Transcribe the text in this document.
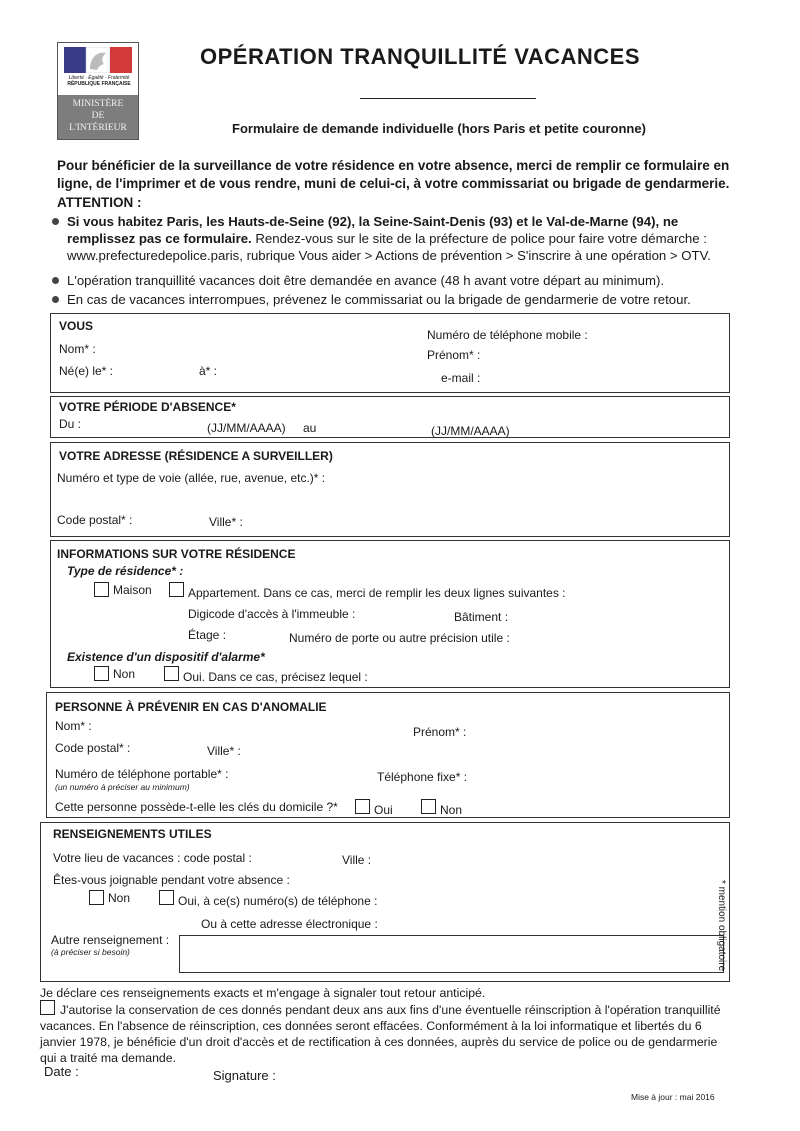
Liberté · Égalité · Fraternité
RÉPUBLIQUE FRANÇAISE
MINISTÈRE
DE
L'INTÉRIEUR
OPÉRATION TRANQUILLITÉ VACANCES
Formulaire de demande individuelle (hors Paris et petite couronne)
Pour bénéficier de la surveillance de votre résidence en votre absence, merci de remplir ce formulaire en ligne, de l'imprimer et de vous rendre, muni de celui-ci, à votre commissariat ou brigade de gendarmerie.
ATTENTION :
Si vous habitez Paris, les Hauts-de-Seine (92), la Seine-Saint-Denis (93) et le Val-de-Marne (94), ne remplissez pas ce formulaire. Rendez-vous sur le site de la préfecture de police pour faire votre démarche : www.prefecturedepolice.paris, rubrique Vous aider > Actions de prévention > S'inscrire à une opération > OTV.
L'opération tranquillité vacances doit être demandée en avance (48 h avant votre départ au minimum).
En cas de vacances interrompues, prévenez le commissariat ou la brigade de gendarmerie de votre retour.
VOUS
Nom* :
Né(e) le* :	à* :
Numéro de téléphone mobile :
Prénom* :
e-mail :
VOTRE PÉRIODE D'ABSENCE*
Du :	(JJ/MM/AAAA) au	(JJ/MM/AAAA)
VOTRE ADRESSE (RÉSIDENCE A SURVEILLER)
Numéro et type de voie (allée, rue, avenue, etc.)* :
Code postal* :	Ville* :
INFORMATIONS SUR VOTRE RÉSIDENCE
Type de résidence* :
Maison	Appartement. Dans ce cas, merci de remplir les deux lignes suivantes :
Digicode d'accès à l'immeuble :	Bâtiment :
Étage :	Numéro de porte ou autre précision utile :
Existence d'un dispositif d'alarme*
Non	Oui. Dans ce cas, précisez lequel :
PERSONNE À PRÉVENIR EN CAS D'ANOMALIE
Nom* :	Prénom* :
Code postal* :	Ville* :
Numéro de téléphone portable* :
(un numéro à préciser au minimum)
Téléphone fixe* :
Cette personne possède-t-elle les clés du domicile ?*	Oui	Non
RENSEIGNEMENTS UTILES
Votre lieu de vacances : code postal :	Ville :
Êtes-vous joignable pendant votre absence :
Non	Oui, à ce(s) numéro(s) de téléphone :
Ou à cette adresse électronique :
Autre renseignement :
(à préciser si besoin)	* mention obligatoire
Je déclare ces renseignements exacts et m'engage à signaler tout retour anticipé.
J'autorise la conservation de ces donnés pendant deux ans aux fins d'une éventuelle réinscription à l'opération tranquillité vacances. En l'absence de réinscription, ces données seront effacées. Conformément à la loi informatique et libertés du 6 janvier 1978, je bénéficie d'un droit d'accès et de rectification à ces données, auprès du service de police ou de gendarmerie qui a traité ma demande.
Date :	Signature :
Mise à jour : mai 2016
